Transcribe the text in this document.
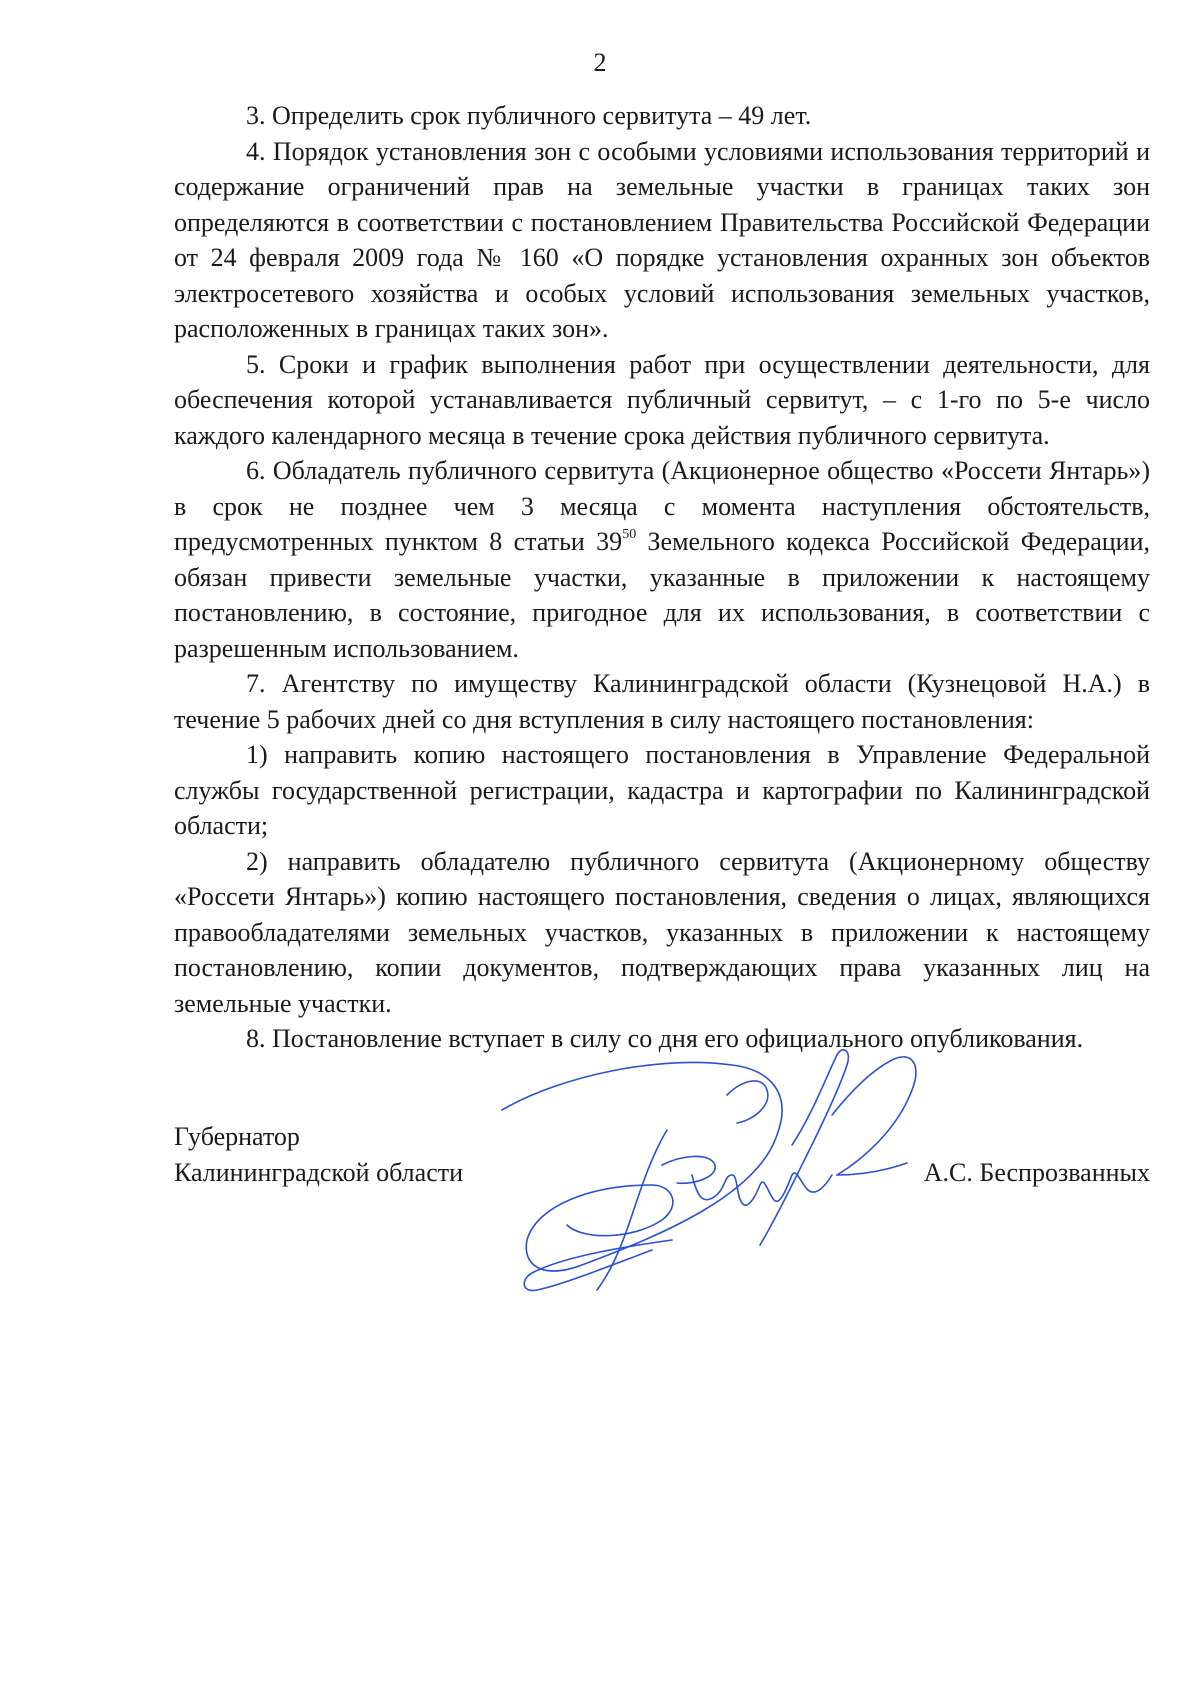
2

3. Определить срок публичного сервитута – 49 лет.

4. Порядок установления зон с особыми условиями использования территорий и содержание ограничений прав на земельные участки в границах таких зон определяются в соответствии с постановлением Правительства Российской Федерации от 24 февраля 2009 года № 160 «О порядке установления охранных зон объектов электросетевого хозяйства и особых условий использования земельных участков, расположенных в границах таких зон».

5. Сроки и график выполнения работ при осуществлении деятельности, для обеспечения которой устанавливается публичный сервитут, – с 1-го по 5-е число каждого календарного месяца в течение срока действия публичного сервитута.

6. Обладатель публичного сервитута (Акционерное общество «Россети Янтарь») в срок не позднее чем 3 месяца с момента наступления обстоятельств, предусмотренных пунктом 8 статьи $39^{50}$ Земельного кодекса Российской Федерации, обязан привести земельные участки, указанные в приложении к настоящему постановлению, в состояние, пригодное для их использования, в соответствии с разрешенным использованием.

7. Агентству по имуществу Калининградской области (Кузнецовой Н.А.) в течение 5 рабочих дней со дня вступления в силу настоящего постановления:

1) направить копию настоящего постановления в Управление Федеральной службы государственной регистрации, кадастра и картографии по Калининградской области;

2) направить обладателю публичного сервитута (Акционерному обществу «Россети Янтарь») копию настоящего постановления, сведения о лицах, являющихся правообладателями земельных участков, указанных в приложении к настоящему постановлению, копии документов, подтверждающих права указанных лиц на земельные участки.

8. Постановление вступает в силу со дня его официального опубликования.

Губернатор
Калининградской области	А.С. Беспрозванных
